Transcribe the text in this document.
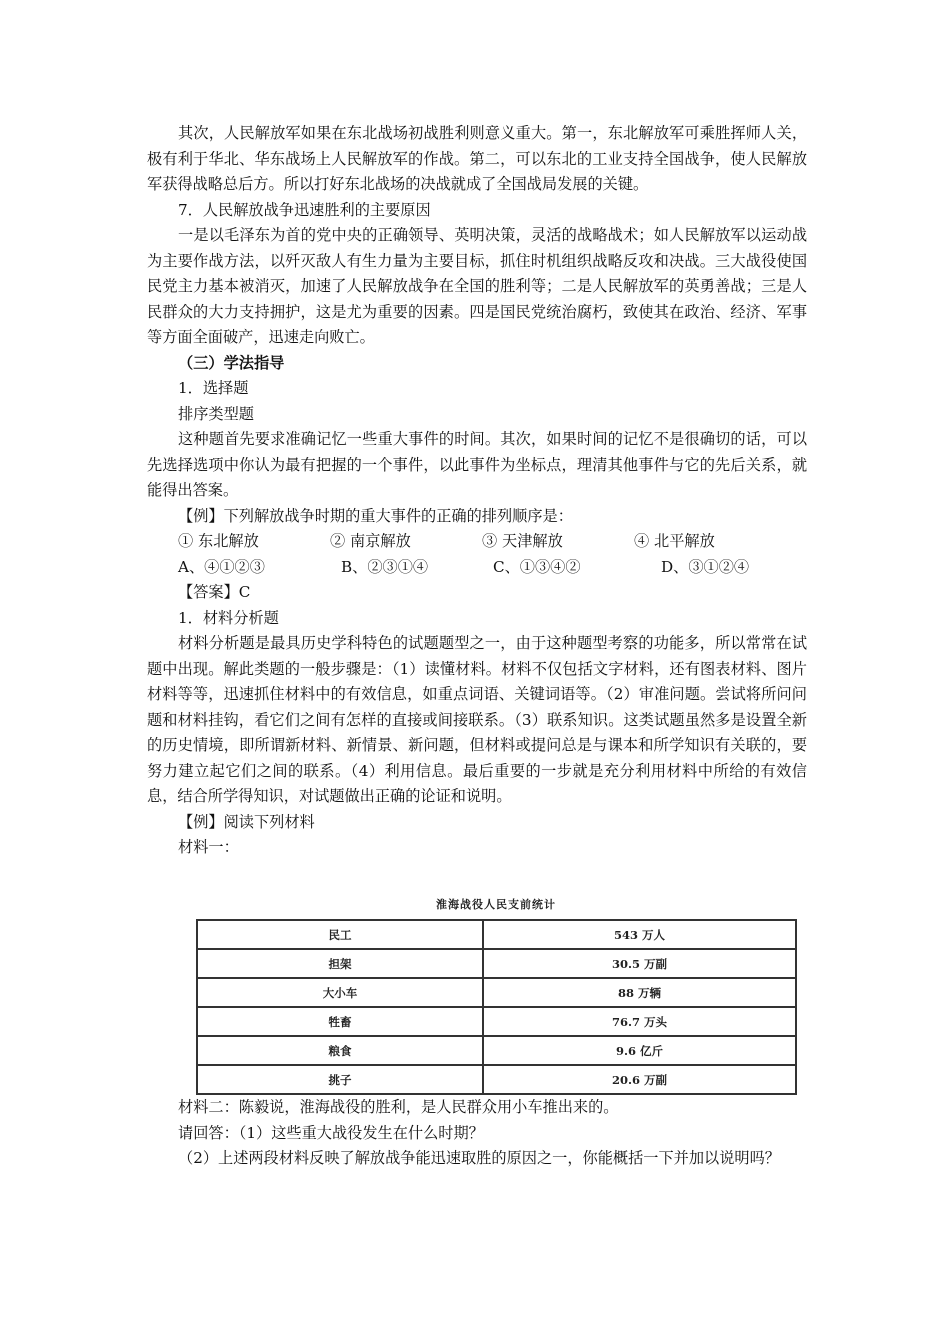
其次，人民解放军如果在东北战场初战胜利则意义重大。第一，东北解放军可乘胜挥师人关，极有利于华北、华东战场上人民解放军的作战。第二，可以东北的工业支持全国战争，使人民解放军获得战略总后方。所以打好东北战场的决战就成了全国战局发展的关键。

7．人民解放战争迅速胜利的主要原因

一是以毛泽东为首的党中央的正确领导、英明决策，灵活的战略战术；如人民解放军以运动战为主要作战方法，以歼灭敌人有生力量为主要目标，抓住时机组织战略反攻和决战。三大战役使国民党主力基本被消灭，加速了人民解放战争在全国的胜利等；二是人民解放军的英勇善战；三是人民群众的大力支持拥护，这是尤为重要的因素。四是国民党统治腐朽，致使其在政治、经济、军事等方面全面破产，迅速走向败亡。

（三）学法指导

1．选择题

排序类型题

这种题首先要求准确记忆一些重大事件的时间。其次，如果时间的记忆不是很确切的话，可以先选择选项中你认为最有把握的一个事件，以此事件为坐标点，理清其他事件与它的先后关系，就能得出答案。

【例】下列解放战争时期的重大事件的正确的排列顺序是：

① 东北解放	② 南京解放	③ 天津解放	④ 北平解放
A、④①②③	B、②③①④	C、①③④②	D、③①②④

【答案】C

1．材料分析题

材料分析题是最具历史学科特色的试题题型之一，由于这种题型考察的功能多，所以常常在试题中出现。解此类题的一般步骤是：（1）读懂材料。材料不仅包括文字材料，还有图表材料、图片材料等等，迅速抓住材料中的有效信息，如重点词语、关键词语等。（2）审准问题。尝试将所问问题和材料挂钩，看它们之间有怎样的直接或间接联系。（3）联系知识。这类试题虽然多是设置全新的历史情境，即所谓新材料、新情景、新问题，但材料或提问总是与课本和所学知识有关联的，要努力建立起它们之间的联系。（4）利用信息。最后重要的一步就是充分利用材料中所给的有效信息，结合所学得知识，对试题做出正确的论证和说明。

【例】阅读下列材料

材料一：

淮海战役人民支前统计
民工	543 万人
担架	30.5 万副
大小车	88 万辆
牲畜	76.7 万头
粮食	9.6 亿斤
挑子	20.6 万副

材料二：陈毅说，淮海战役的胜利，是人民群众用小车推出来的。

请回答：（1）这些重大战役发生在什么时期？

（2）上述两段材料反映了解放战争能迅速取胜的原因之一，你能概括一下并加以说明吗？
